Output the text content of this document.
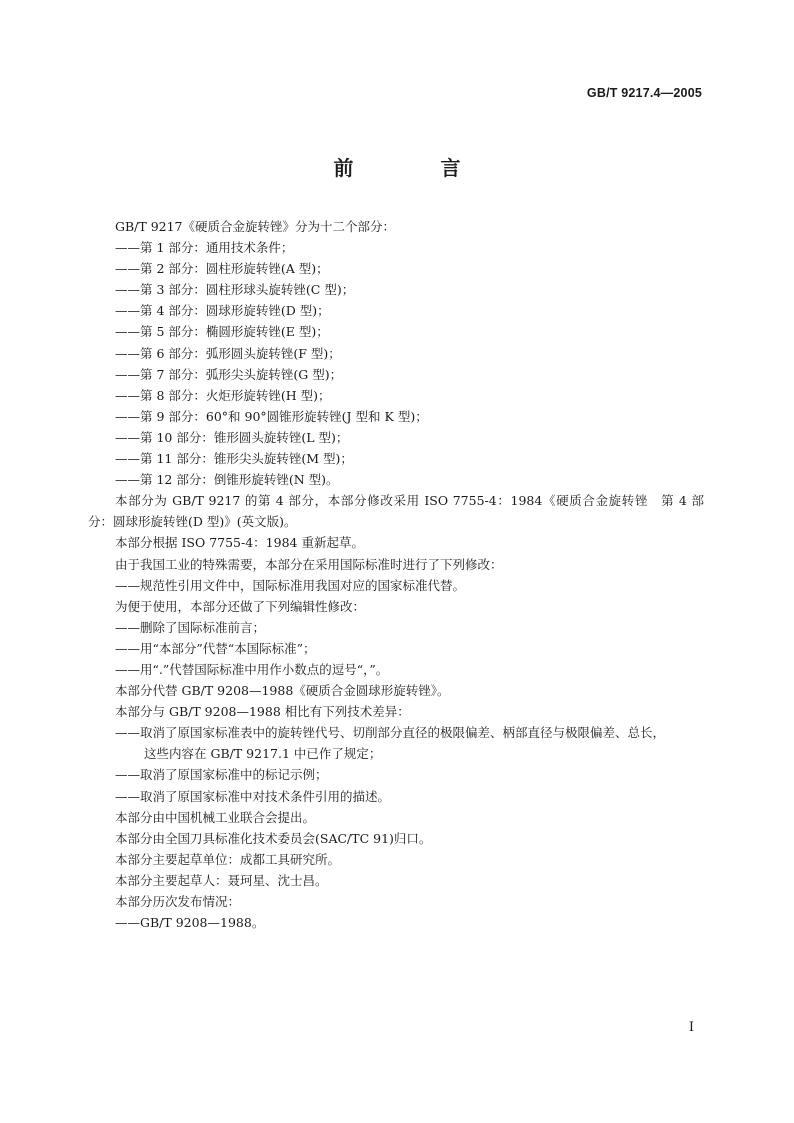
GB/T 9217.4—2005
前 言

GB/T 9217《硬质合金旋转锉》分为十二个部分：

——第 1 部分：通用技术条件；

——第 2 部分：圆柱形旋转锉(A 型)；

——第 3 部分：圆柱形球头旋转锉(C 型)；

——第 4 部分：圆球形旋转锉(D 型)；

——第 5 部分：椭圆形旋转锉(E 型)；

——第 6 部分：弧形圆头旋转锉(F 型)；

——第 7 部分：弧形尖头旋转锉(G 型)；

——第 8 部分：火炬形旋转锉(H 型)；

——第 9 部分：60°和 90°圆锥形旋转锉(J 型和 K 型)；

——第 10 部分：锥形圆头旋转锉(L 型)；

——第 11 部分：锥形尖头旋转锉(M 型)；

——第 12 部分：倒锥形旋转锉(N 型)。

本部分为 GB/T 9217 的第 4 部分，本部分修改采用 ISO 7755-4：1984《硬质合金旋转锉　第 4 部分：圆球形旋转锉(D 型)》(英文版)。

本部分根据 ISO 7755-4：1984 重新起草。

由于我国工业的特殊需要，本部分在采用国际标准时进行了下列修改：

——规范性引用文件中，国际标准用我国对应的国家标准代替。

为便于使用，本部分还做了下列编辑性修改：

——删除了国际标准前言；

——用“本部分”代替“本国际标准”；

——用“.”代替国际标准中用作小数点的逗号“，”。

本部分代替 GB/T 9208—1988《硬质合金圆球形旋转锉》。

本部分与 GB/T 9208—1988 相比有下列技术差异：

——取消了原国家标准表中的旋转锉代号、切削部分直径的极限偏差、柄部直径与极限偏差、总长，

这些内容在 GB/T 9217.1 中已作了规定；

——取消了原国家标准中的标记示例；

——取消了原国家标准中对技术条件引用的描述。

本部分由中国机械工业联合会提出。

本部分由全国刀具标准化技术委员会(SAC/TC 91)归口。

本部分主要起草单位：成都工具研究所。

本部分主要起草人：聂珂星、沈士昌。

本部分历次发布情况：

——GB/T 9208—1988。

I
